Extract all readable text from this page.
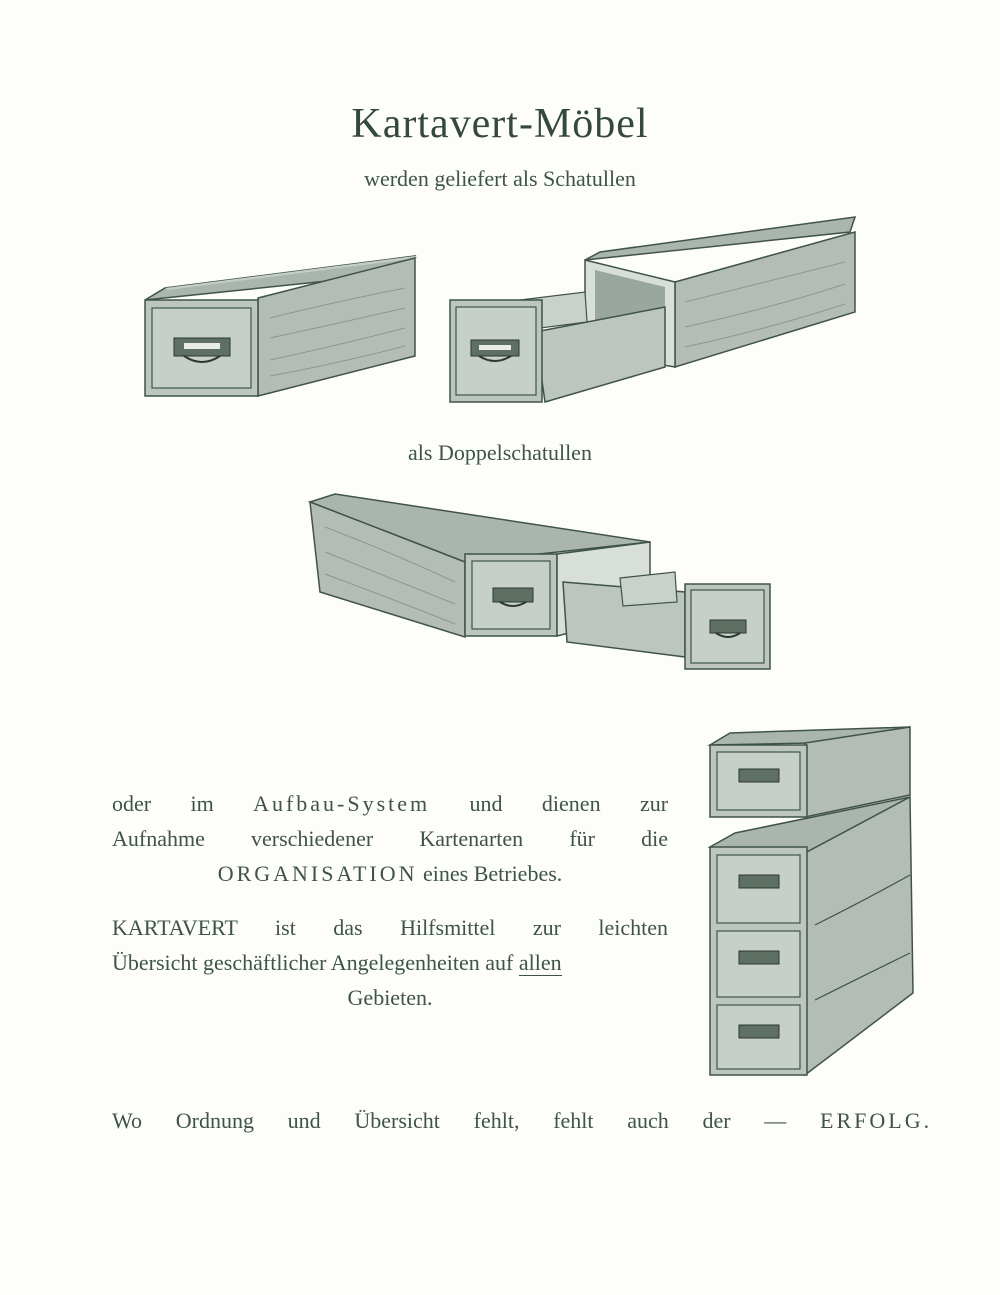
Kartavert-Möbel
werden geliefert als Schatullen
als Doppelschatullen
oder im Aufbau-System und dienen zur
Aufnahme verschiedener Kartenarten für die
ORGANISATION eines Betriebes.
KARTAVERT ist das Hilfsmittel zur leichten
Übersicht geschäftlicher Angelegenheiten auf allen
Gebieten.
Wo Ordnung und Übersicht fehlt, fehlt auch der — ERFOLG.
